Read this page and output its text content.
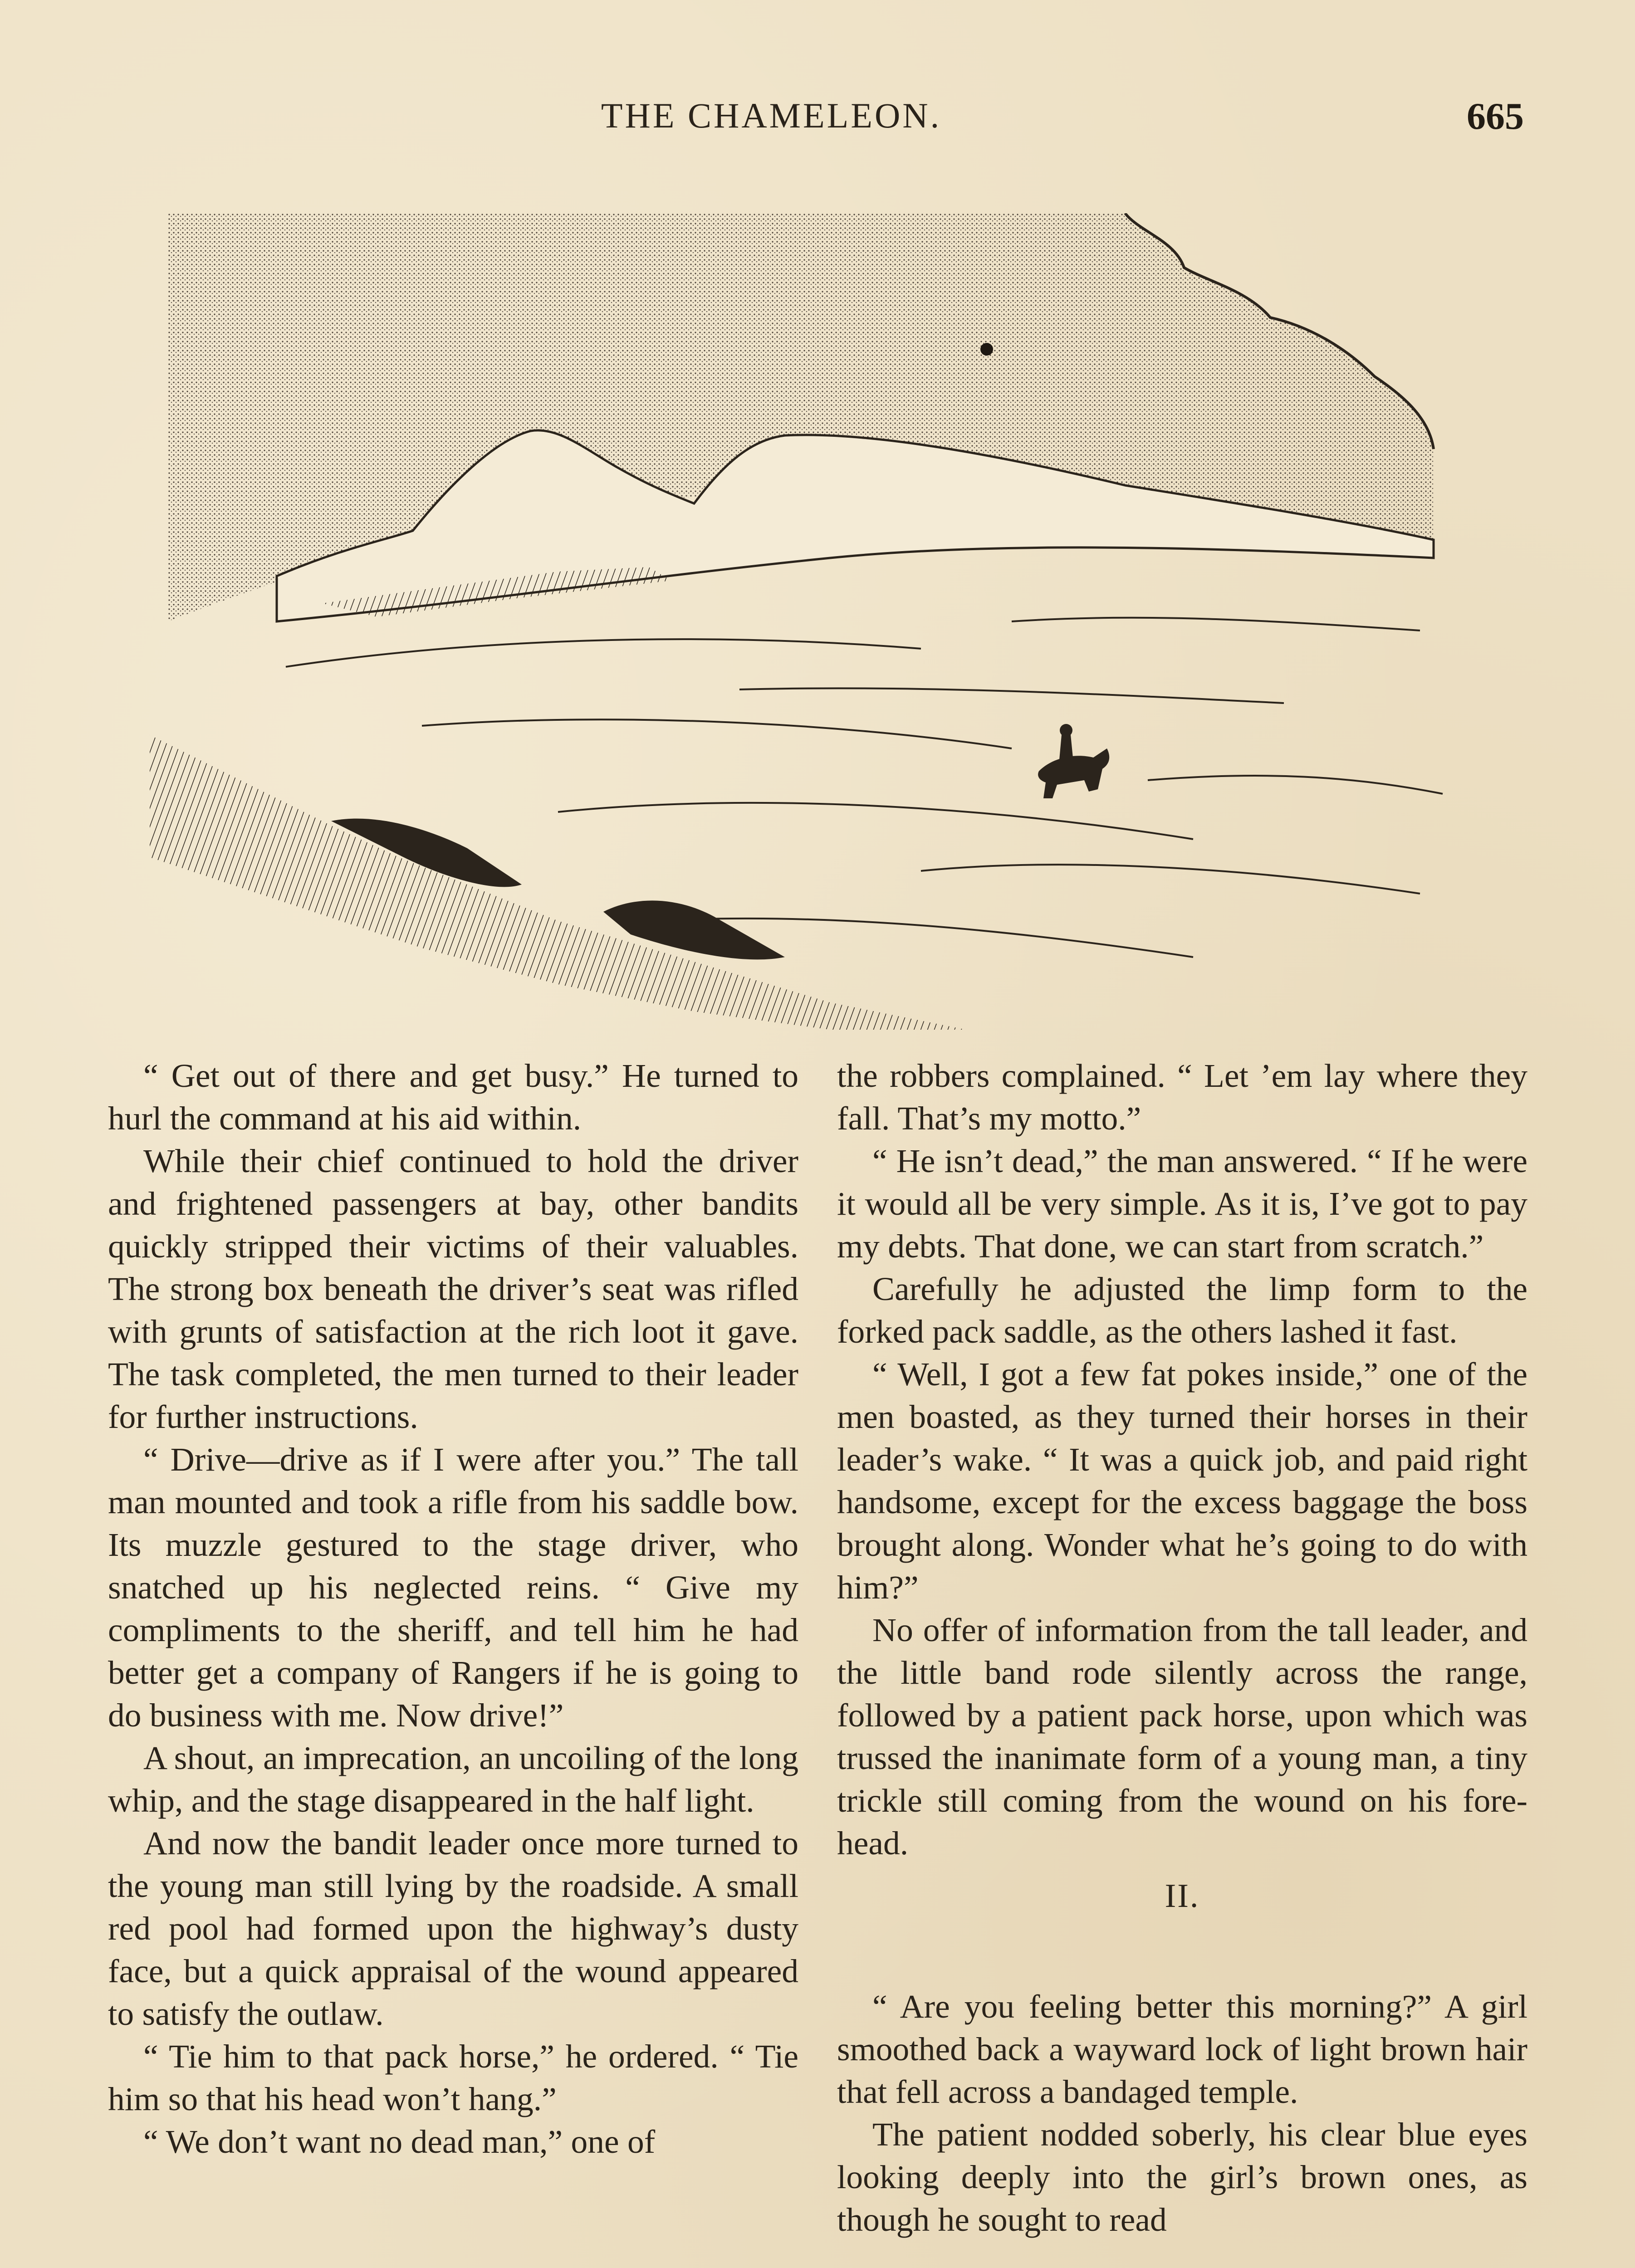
THE CHAMELEON.	665

“ Get out of there and get busy.” He turned to hurl the command at his aid within.

While their chief continued to hold the driver and frightened passengers at bay, other bandits quickly stripped their victims of their valuables. The strong box beneath the driver’s seat was rifled with grunts of satisfaction at the rich loot it gave. The task completed, the men turned to their leader for further instructions.

“ Drive—drive as if I were after you.” The tall man mounted and took a rifle from his saddle bow. Its muzzle gestured to the stage driver, who snatched up his neglected reins. “ Give my compliments to the sheriff, and tell him he had better get a company of Rangers if he is going to do business with me. Now drive!”

A shout, an imprecation, an uncoiling of the long whip, and the stage disappeared in the half light.

And now the bandit leader once more turned to the young man still lying by the roadside. A small red pool had formed upon the highway’s dusty face, but a quick appraisal of the wound appeared to satisfy the outlaw.

“ Tie him to that pack horse,” he ordered. “ Tie him so that his head won’t hang.”

“ We don’t want no dead man,” one of

the robbers complained. “ Let ’em lay where they fall. That’s my motto.”

“ He isn’t dead,” the man answered. “ If he were it would all be very simple. As it is, I’ve got to pay my debts. That done, we can start from scratch.”

Carefully he adjusted the limp form to the forked pack saddle, as the others lashed it fast.

“ Well, I got a few fat pokes inside,” one of the men boasted, as they turned their horses in their leader’s wake. “ It was a quick job, and paid right handsome, except for the excess baggage the boss brought along. Wonder what he’s going to do with him?”

No offer of information from the tall leader, and the little band rode silently across the range, followed by a patient pack horse, upon which was trussed the inanimate form of a young man, a tiny trickle still coming from the wound on his forehead.

II.

“ Are you feeling better this morning?” A girl smoothed back a wayward lock of light brown hair that fell across a bandaged temple.

The patient nodded soberly, his clear blue eyes looking deeply into the girl’s brown ones, as though he sought to read
